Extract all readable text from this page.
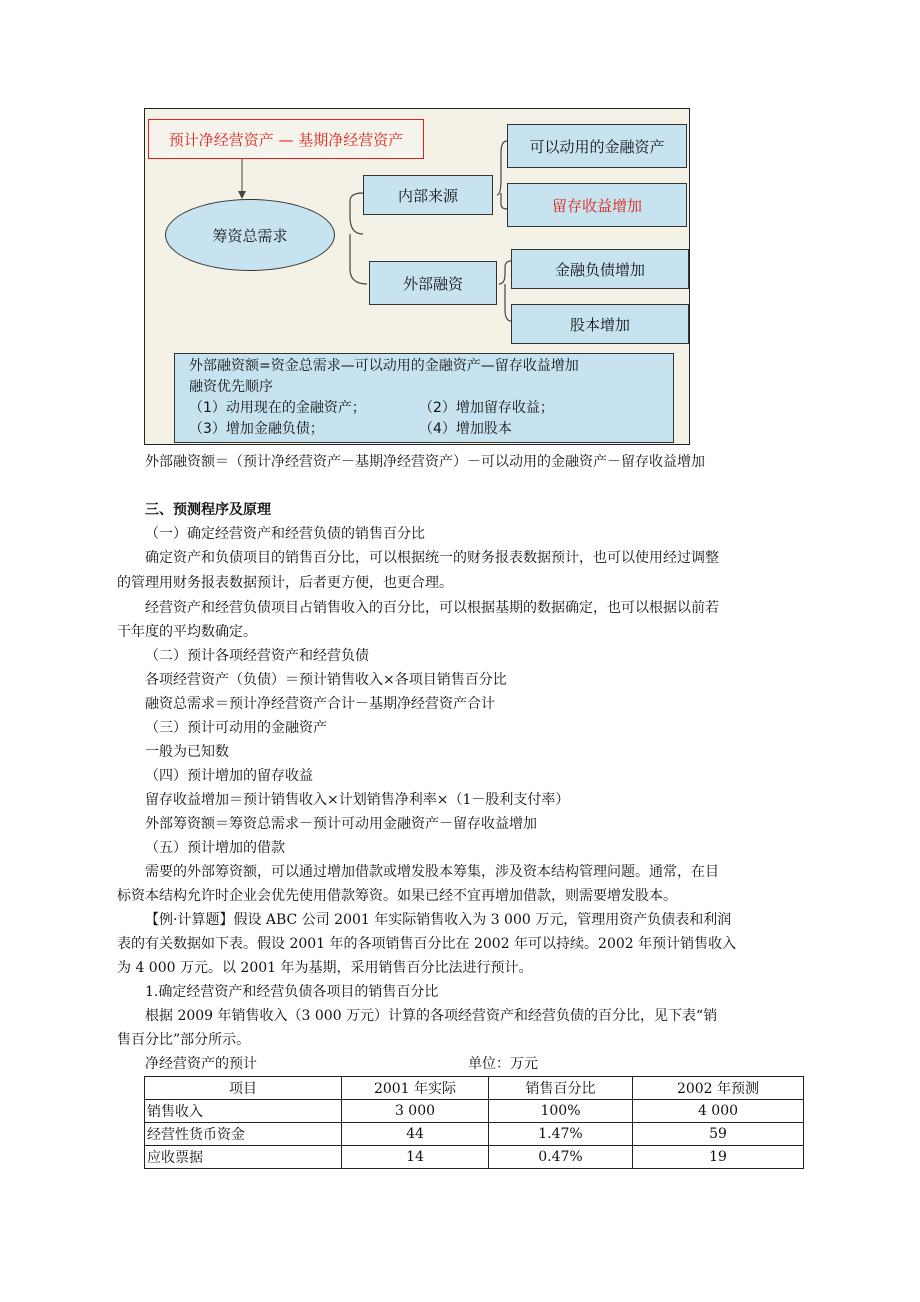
预计净经营资产 — 基期净经营资产
筹资总需求
内部来源
外部融资
可以动用的金融资产
留存收益增加
金融负债增加
股本增加
外部融资额=资金总需求—可以动用的金融资产—留存收益增加
融资优先顺序
（1）动用现在的金融资产；	（2）增加留存收益；
（3）增加金融负债；	（4）增加股本
外部融资额＝（预计净经营资产－基期净经营资产）－可以动用的金融资产－留存收益增加
三、预测程序及原理
（一）确定经营资产和经营负债的销售百分比
确定资产和负债项目的销售百分比，可以根据统一的财务报表数据预计，也可以使用经过调整
的管理用财务报表数据预计，后者更方便，也更合理。
经营资产和经营负债项目占销售收入的百分比，可以根据基期的数据确定，也可以根据以前若
干年度的平均数确定。
（二）预计各项经营资产和经营负债
各项经营资产（负债）＝预计销售收入×各项目销售百分比
融资总需求＝预计净经营资产合计－基期净经营资产合计
（三）预计可动用的金融资产
一般为已知数
（四）预计增加的留存收益
留存收益增加＝预计销售收入×计划销售净利率×（1－股利支付率）
外部筹资额＝筹资总需求－预计可动用金融资产－留存收益增加
（五）预计增加的借款
需要的外部筹资额，可以通过增加借款或增发股本筹集，涉及资本结构管理问题。通常，在目
标资本结构允许时企业会优先使用借款筹资。如果已经不宜再增加借款，则需要增发股本。
【例·计算题】假设 ABC 公司 2001 年实际销售收入为 3 000 万元，管理用资产负债表和利润
表的有关数据如下表。假设 2001 年的各项销售百分比在 2002 年可以持续。2002 年预计销售收入
为 4 000 万元。以 2001 年为基期，采用销售百分比法进行预计。
1.确定经营资产和经营负债各项目的销售百分比
根据 2009 年销售收入（3 000 万元）计算的各项经营资产和经营负债的百分比，见下表“销
售百分比”部分所示。
净经营资产的预计	单位：万元
项目	2001 年实际	销售百分比	2002 年预测
销售收入	3 000	100%	4 000
经营性货币资金	44	1.47%	59
应收票据	14	0.47%	19
